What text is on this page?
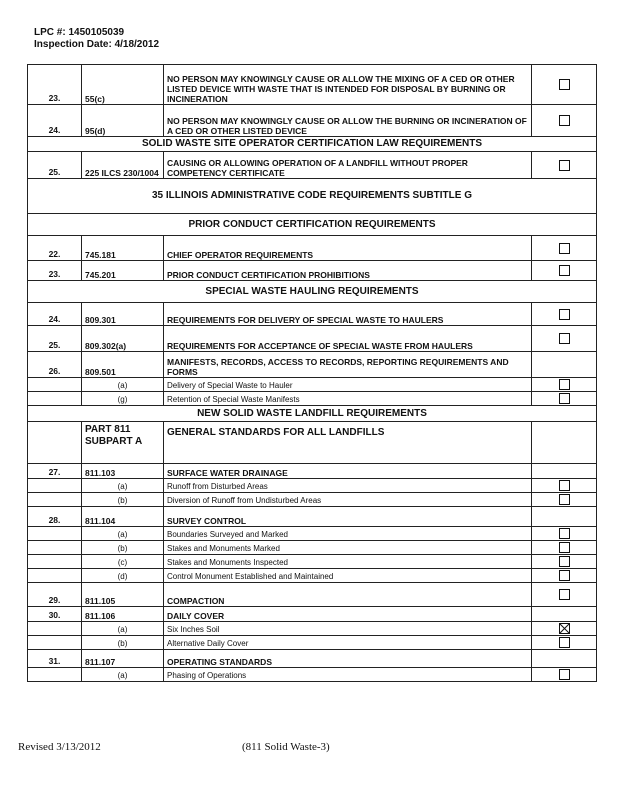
LPC #: 1450105039
Inspection Date: 4/18/2012
23.	55(c)	NO PERSON MAY KNOWINGLY CAUSE OR ALLOW THE MIXING OF A CED OR OTHER LISTED DEVICE WITH WASTE THAT IS INTENDED FOR DISPOSAL BY BURNING OR INCINERATION	
24.	95(d)	NO PERSON MAY KNOWINGLY CAUSE OR ALLOW THE BURNING OR INCINERATION OF A CED OR OTHER LISTED DEVICE	
SOLID WASTE SITE OPERATOR CERTIFICATION LAW REQUIREMENTS			
25.	225 ILCS 230/1004	CAUSING OR ALLOWING OPERATION OF A LANDFILL WITHOUT PROPER COMPETENCY CERTIFICATE	
35 ILLINOIS ADMINISTRATIVE CODE REQUIREMENTS SUBTITLE G			
PRIOR CONDUCT CERTIFICATION REQUIREMENTS			
22.	745.181	CHIEF OPERATOR REQUIREMENTS	
23.	745.201	PRIOR CONDUCT CERTIFICATION PROHIBITIONS	
SPECIAL WASTE HAULING REQUIREMENTS			
24.	809.301	REQUIREMENTS FOR DELIVERY OF SPECIAL WASTE TO HAULERS	
25.	809.302(a)	REQUIREMENTS FOR ACCEPTANCE OF SPECIAL WASTE FROM HAULERS	
26.	809.501	MANIFESTS, RECORDS, ACCESS TO RECORDS, REPORTING REQUIREMENTS AND FORMS	
	(a)	Delivery of Special Waste to Hauler	
	(g)	Retention of Special Waste Manifests	
NEW SOLID WASTE LANDFILL REQUIREMENTS			
	PART 811 SUBPART A	GENERAL STANDARDS FOR ALL LANDFILLS	
27.	811.103	SURFACE WATER DRAINAGE	
	(a)	Runoff from Disturbed Areas	
	(b)	Diversion of Runoff from Undisturbed Areas	
28.	811.104	SURVEY CONTROL	
	(a)	Boundaries Surveyed and Marked	
	(b)	Stakes and Monuments Marked	
	(c)	Stakes and Monuments Inspected	
	(d)	Control Monument Established and Maintained	
29.	811.105	COMPACTION	
30.	811.106	DAILY COVER	
	(a)	Six Inches Soil	
	(b)	Alternative Daily Cover	
31.	811.107	OPERATING STANDARDS	
	(a)	Phasing of Operations	
Revised 3/13/2012	(811 Solid Waste-3)
